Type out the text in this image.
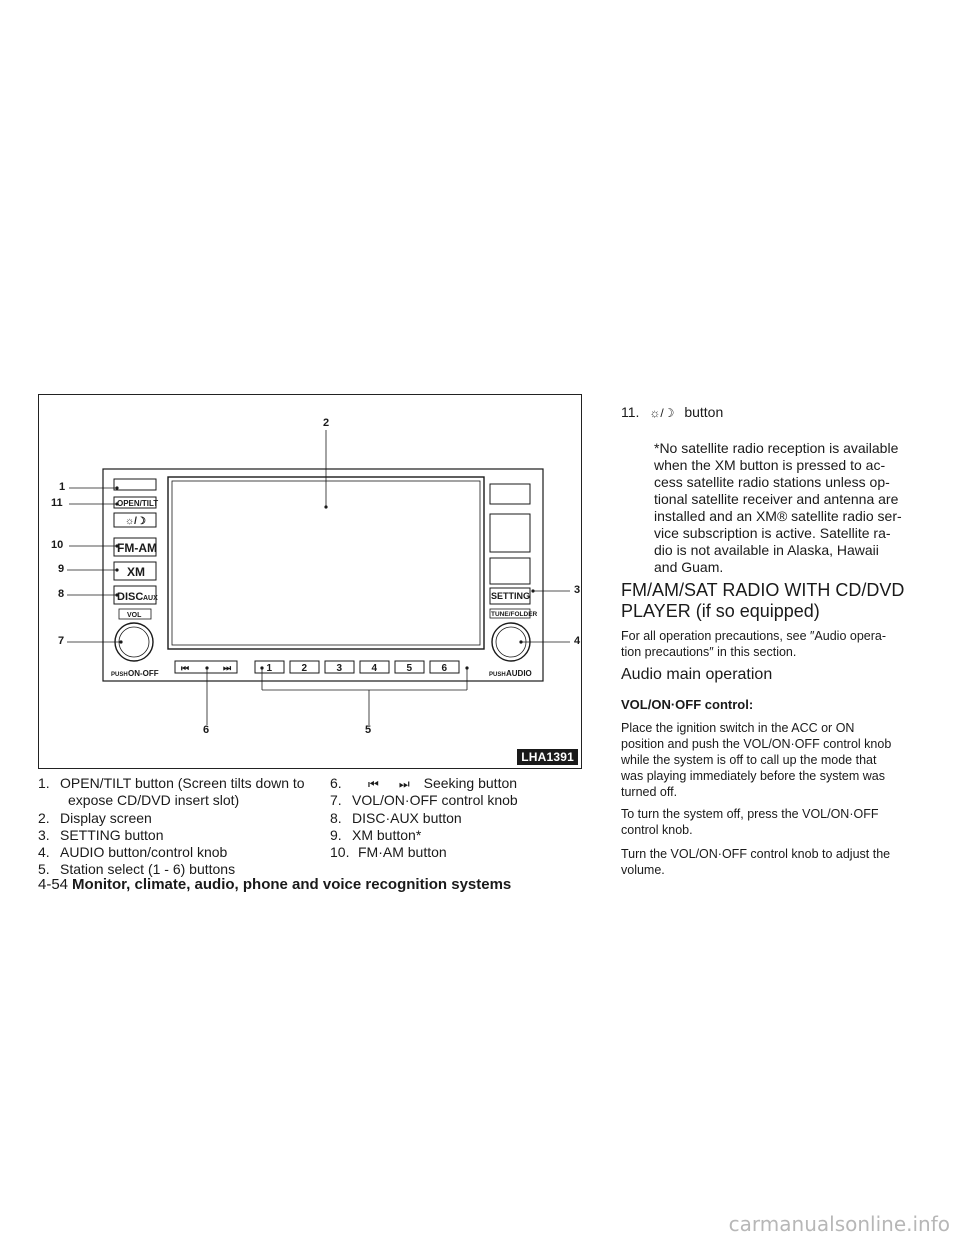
⏮	⏭	1	2	3	4	5	6
OPEN/TILT
☼/☽
FM-AM
XM
DISC AUX
VOL
PUSH ON-OFF
SETTING
TUNE/FOLDER
PUSH AUDIO
1
11
10
9
8
7
2
3
4
5
6
LHA1391
1. OPEN/TILT button (Screen tilts down to
expose CD/DVD insert slot)
2. Display screen
3. SETTING button
4. AUDIO button/control knob
5. Station select (1 - 6) buttons
6. ⏮ ⏭ Seeking button
7. VOL/ON·OFF control knob
8. DISC·AUX button
9. XM button*
10. FM·AM button
11. ☼/☽ button
*No satellite radio reception is available
when the XM button is pressed to ac-
cess satellite radio stations unless op-
tional satellite receiver and antenna are
installed and an XM® satellite radio ser-
vice subscription is active. Satellite ra-
dio is not available in Alaska, Hawaii
and Guam.
FM/AM/SAT RADIO WITH CD/DVD
PLAYER (if so equipped)
For all operation precautions, see ″Audio opera-
tion precautions″ in this section.
Audio main operation
VOL/ON·OFF control:
Place the ignition switch in the ACC or ON
position and push the VOL/ON·OFF control knob
while the system is off to call up the mode that
was playing immediately before the system was
turned off.
To turn the system off, press the VOL/ON·OFF
control knob.
Turn the VOL/ON·OFF control knob to adjust the
volume.
4-54 Monitor, climate, audio, phone and voice recognition systems
carmanualsonline.info
